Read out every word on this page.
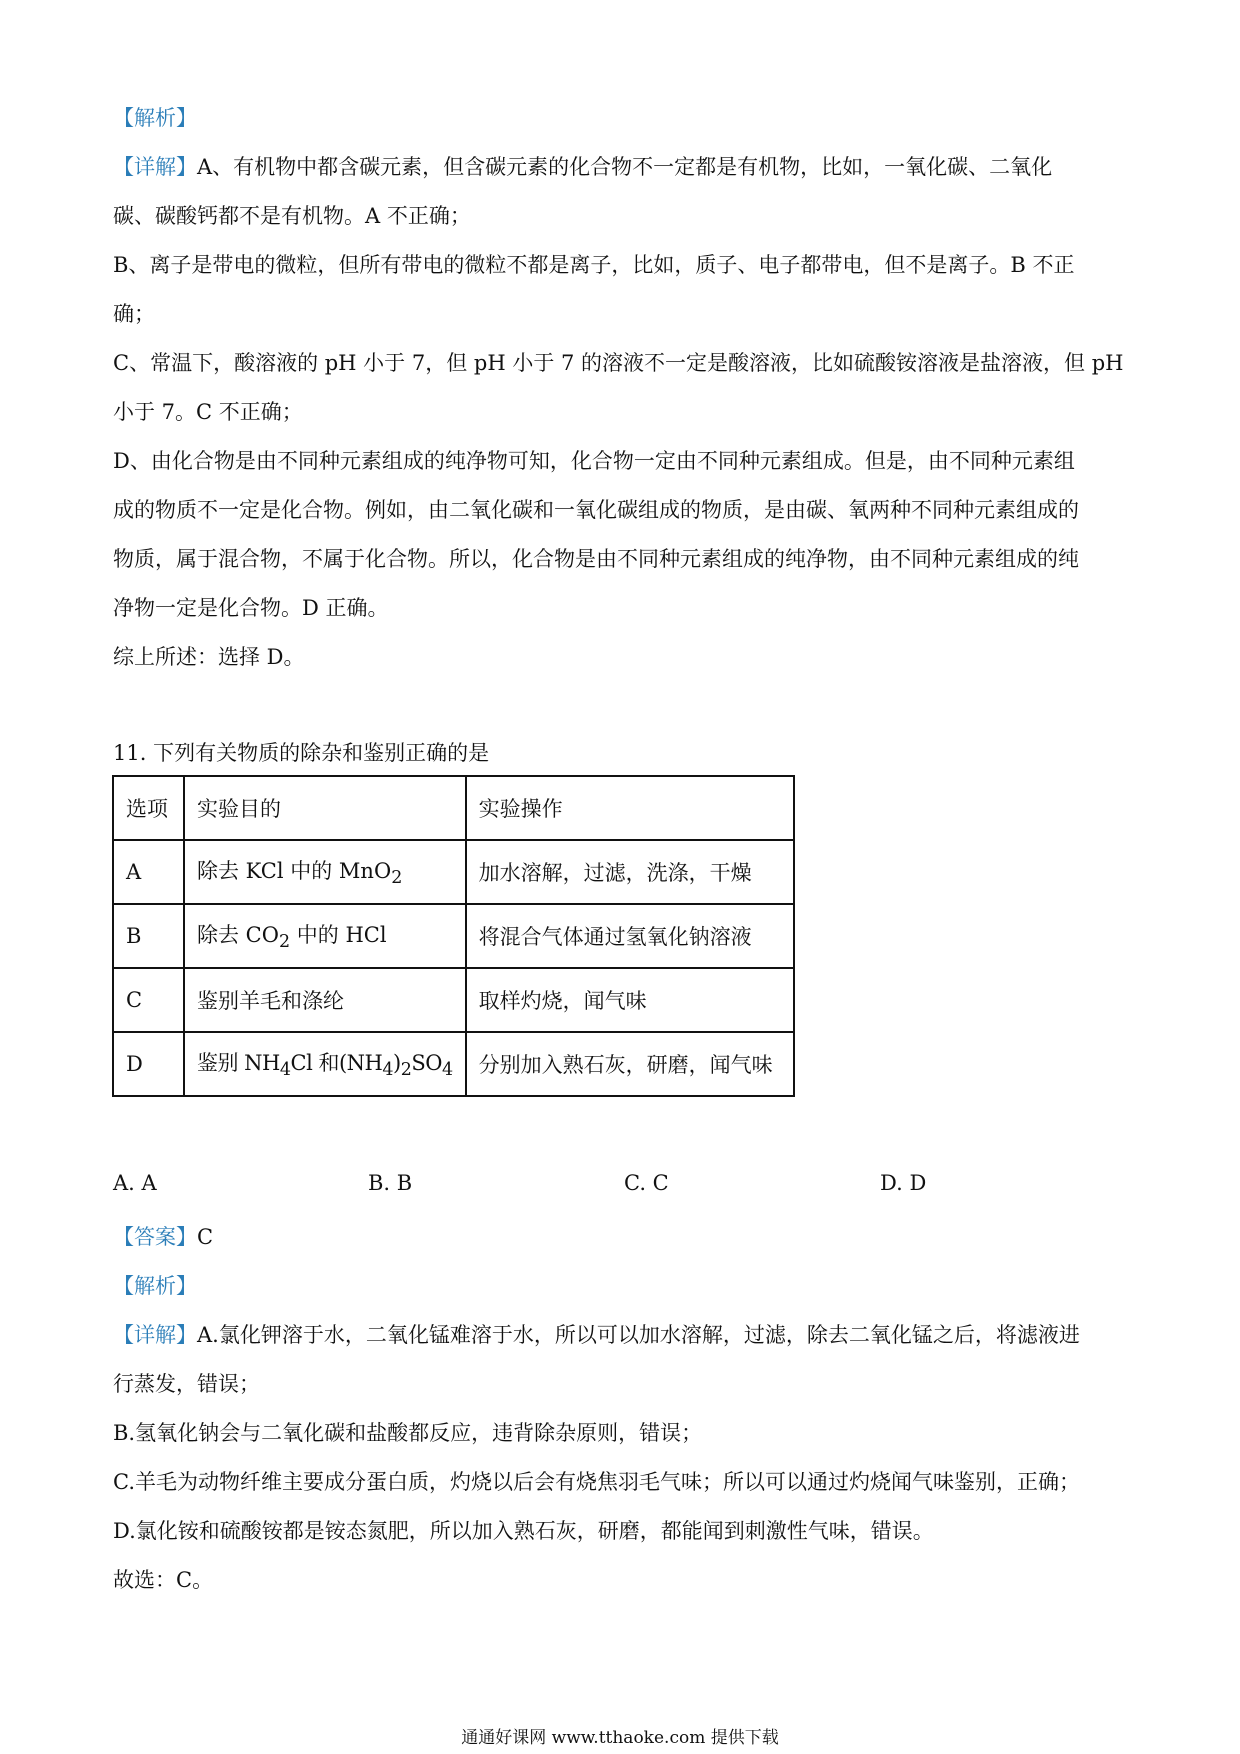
【解析】

【详解】A、有机物中都含碳元素，但含碳元素的化合物不一定都是有机物，比如，一氧化碳、二氧化

碳、碳酸钙都不是有机物。A 不正确；

B、离子是带电的微粒，但所有带电的微粒不都是离子，比如，质子、电子都带电，但不是离子。B 不正

确；

C、常温下，酸溶液的 pH 小于 7，但 pH 小于 7 的溶液不一定是酸溶液，比如硫酸铵溶液是盐溶液，但 pH

小于 7。C 不正确；

D、由化合物是由不同种元素组成的纯净物可知，化合物一定由不同种元素组成。但是，由不同种元素组

成的物质不一定是化合物。例如，由二氧化碳和一氧化碳组成的物质，是由碳、氧两种不同种元素组成的

物质，属于混合物，不属于化合物。所以，化合物是由不同种元素组成的纯净物，由不同种元素组成的纯

净物一定是化合物。D 正确。

综上所述：选择 D。

11. 下列有关物质的除杂和鉴别正确的是
选项	实验目的	实验操作
A	除去 KCl 中的 MnO$_2$	加水溶解，过滤，洗涤，干燥
B	除去 $CO_2$ 中的 HCl	将混合气体通过氢氧化钠溶液
C	鉴别羊毛和涤纶	取样灼烧，闻气味
D	鉴别 $NH_4Cl$ 和$(NH_4)_2SO_4$	分别加入熟石灰，研磨，闻气味
A. A	B. B	C. C	D. D

【答案】C

【解析】

【详解】A.氯化钾溶于水，二氧化锰难溶于水，所以可以加水溶解，过滤，除去二氧化锰之后，将滤液进

行蒸发，错误；

B.氢氧化钠会与二氧化碳和盐酸都反应，违背除杂原则，错误；

C.羊毛为动物纤维主要成分蛋白质，灼烧以后会有烧焦羽毛气味；所以可以通过灼烧闻气味鉴别，正确；

D.氯化铵和硫酸铵都是铵态氮肥，所以加入熟石灰，研磨，都能闻到刺激性气味，错误。

故选：C。

通通好课网 www.tthaoke.com 提供下载
